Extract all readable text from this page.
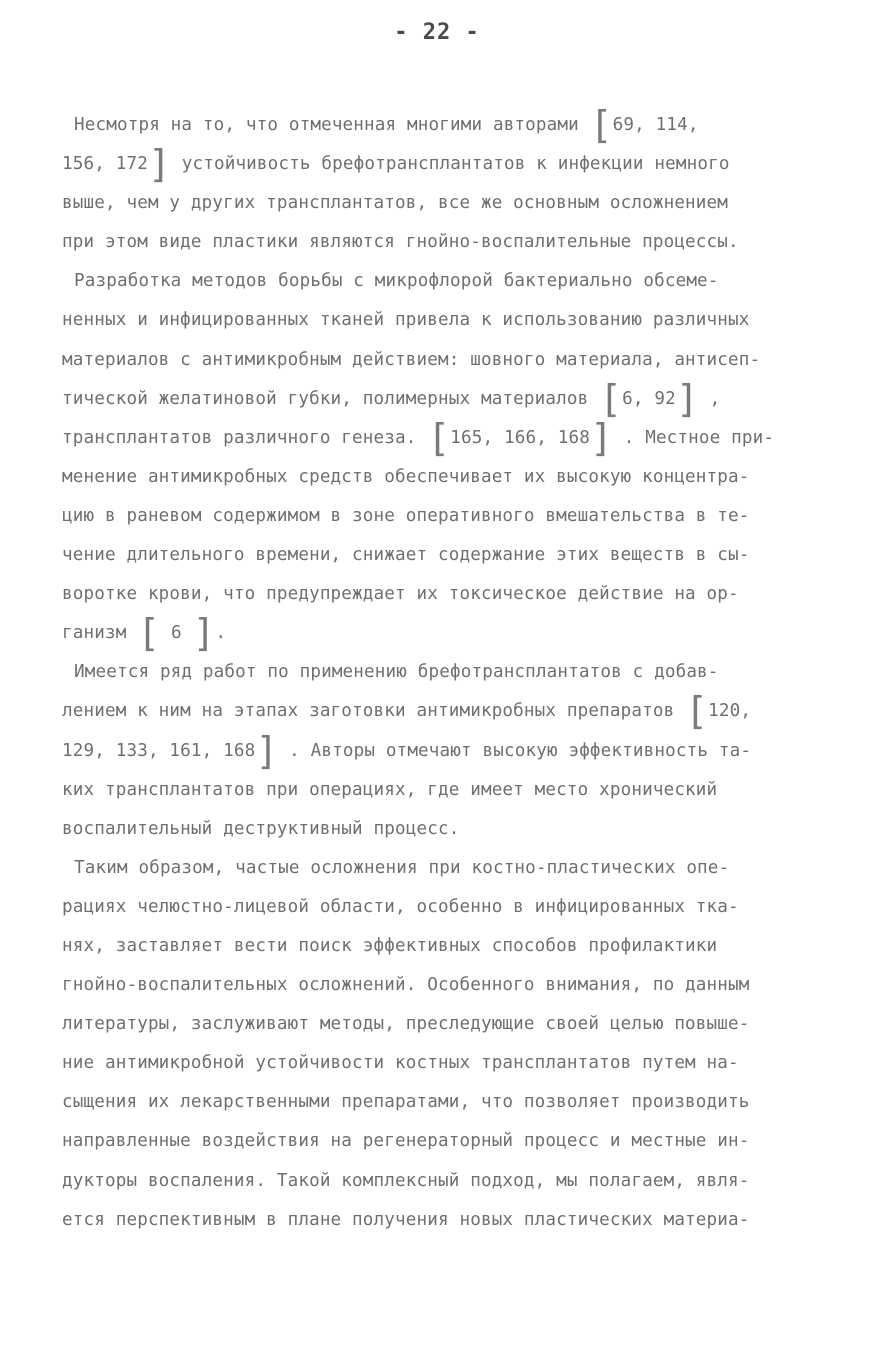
- 22 -
Несмотря на то, что отмеченная многими авторами [69, 114,
156, 172] устойчивость брефотрансплантатов к инфекции немного
выше, чем у других трансплантатов, все же основным осложнением
при этом виде пластики являются гнойно-воспалительные процессы.
Разработка методов борьбы с микрофлорой бактериально обсеме-
ненных и инфицированных тканей привела к использованию различных
материалов с антимикробным действием: шовного материала, антисеп-
тической желатиновой губки, полимерных материалов [6, 92] ,
трансплантатов различного генеза. [165, 166, 168] . Местное при-
менение антимикробных средств обеспечивает их высокую концентра-
цию в раневом содержимом в зоне оперативного вмешательства в те-
чение длительного времени, снижает содержание этих веществ в сы-
воротке крови, что предупреждает их токсическое действие на ор-
ганизм [ 6 ].
Имеется ряд работ по применению брефотрансплантатов с добав-
лением к ним на этапах заготовки антимикробных препаратов [120,
129, 133, 161, 168] . Авторы отмечают высокую эффективность та-
ких трансплантатов при операциях, где имеет место хронический
воспалительный деструктивный процесс.
Таким образом, частые осложнения при костно-пластических опе-
рациях челюстно-лицевой области, особенно в инфицированных тка-
нях, заставляет вести поиск эффективных способов профилактики
гнойно-воспалительных осложнений. Особенного внимания, по данным
литературы, заслуживают методы, преследующие своей целью повыше-
ние антимикробной устойчивости костных трансплантатов путем на-
сыщения их лекарственными препаратами, что позволяет производить
направленные воздействия на регенераторный процесс и местные ин-
дукторы воспаления. Такой комплексный подход, мы полагаем, явля-
ется перспективным в плане получения новых пластических материа-
